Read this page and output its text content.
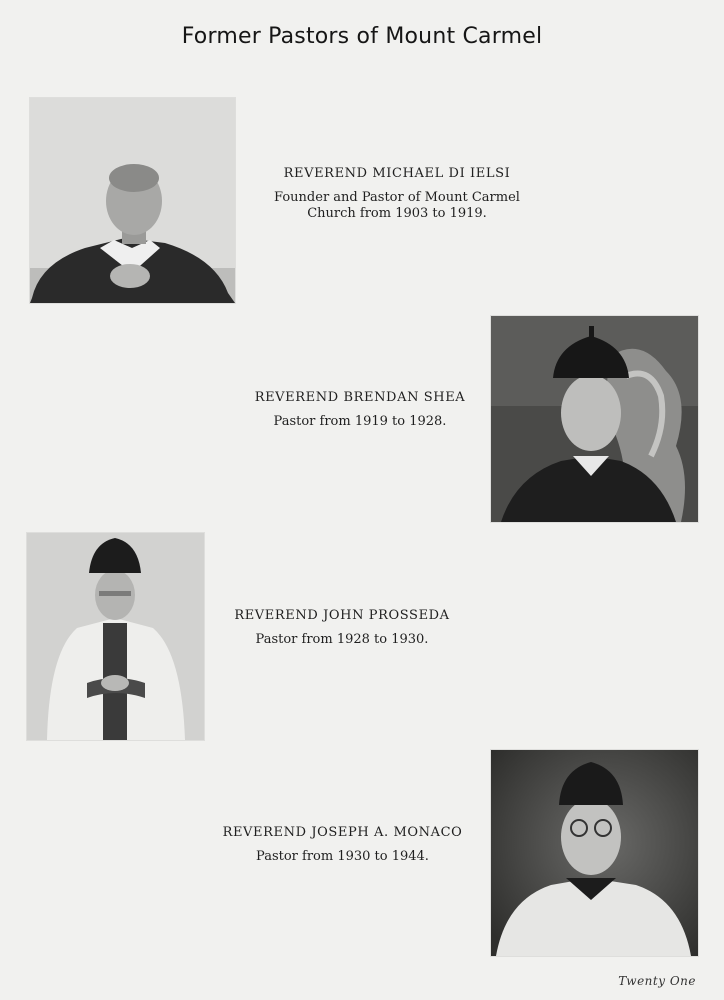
Former Pastors of Mount Carmel
REVEREND MICHAEL DI IELSI
Founder and Pastor of Mount Carmel
Church from 1903 to 1919.
REVEREND BRENDAN SHEA
Pastor from 1919 to 1928.
REVEREND JOHN PROSSEDA
Pastor from 1928 to 1930.
REVEREND JOSEPH A. MONACO
Pastor from 1930 to 1944.
Twenty One
